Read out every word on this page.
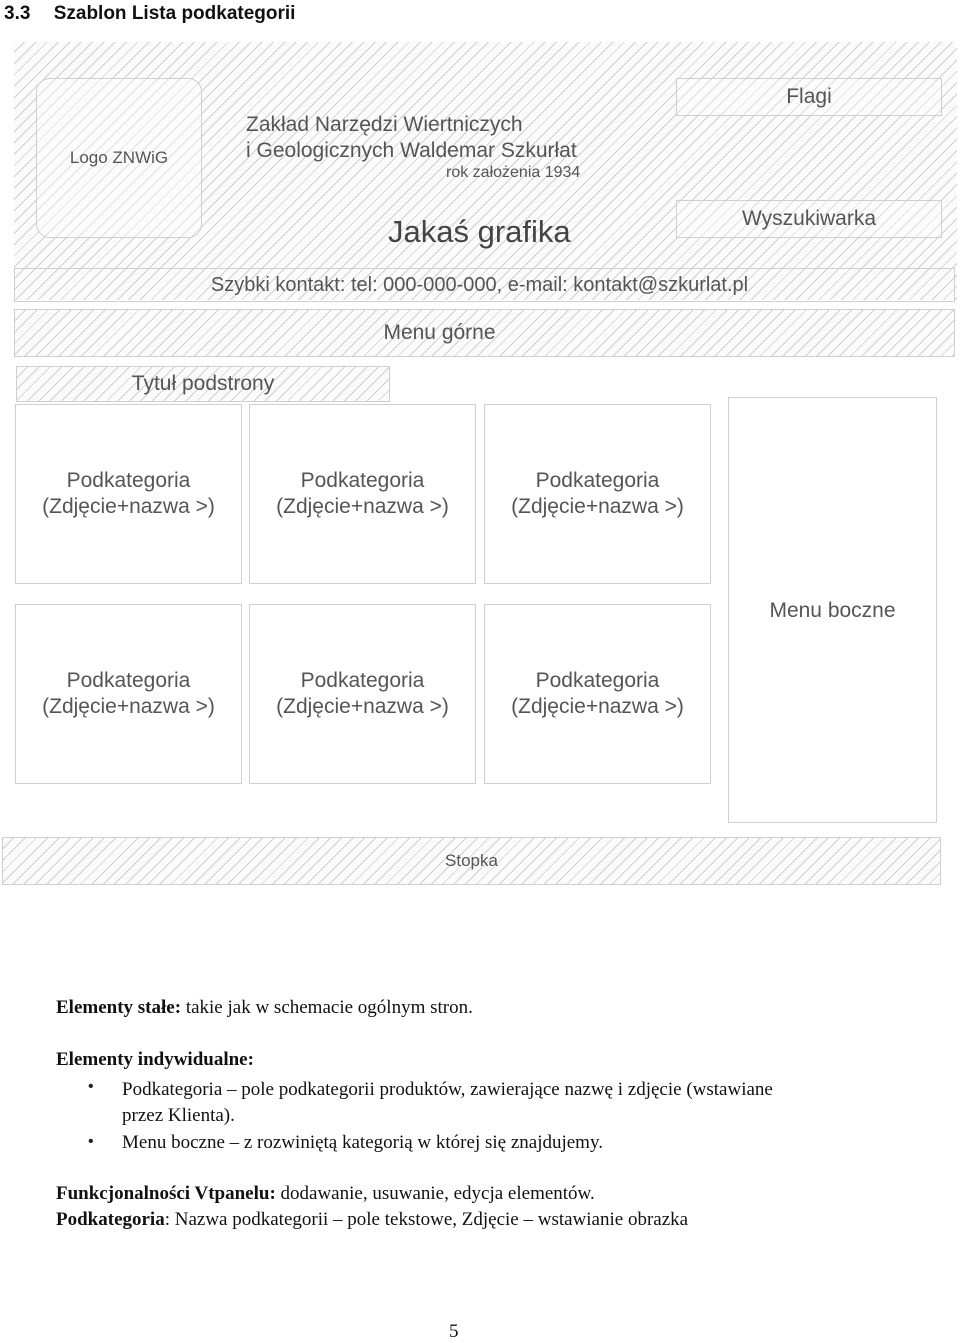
3.3 Szablon Lista podkategorii
Logo ZNWiG
Zakład Narzędzi Wiertniczych
i Geologicznych Waldemar Szkurłat
rok założenia 1934
Jakaś grafika
Flagi
Wyszukiwarka
Szybki kontakt: tel: 000-000-000, e-mail: kontakt@szkurlat.pl
Menu górne
Tytuł podstrony
Podkategoria
(Zdjęcie+nazwa >)
Podkategoria
(Zdjęcie+nazwa >)
Podkategoria
(Zdjęcie+nazwa >)
Podkategoria
(Zdjęcie+nazwa >)
Podkategoria
(Zdjęcie+nazwa >)
Podkategoria
(Zdjęcie+nazwa >)
Menu boczne
Stopka
Elementy stałe: takie jak w schemacie ogólnym stron.
Elementy indywidualne:
• Podkategoria – pole podkategorii produktów, zawierające nazwę i zdjęcie (wstawiane
przez Klienta).
• Menu boczne – z rozwiniętą kategorią w której się znajdujemy.
Funkcjonalności Vtpanelu: dodawanie, usuwanie, edycja elementów.
Podkategoria: Nazwa podkategorii – pole tekstowe, Zdjęcie – wstawianie obrazka
5
